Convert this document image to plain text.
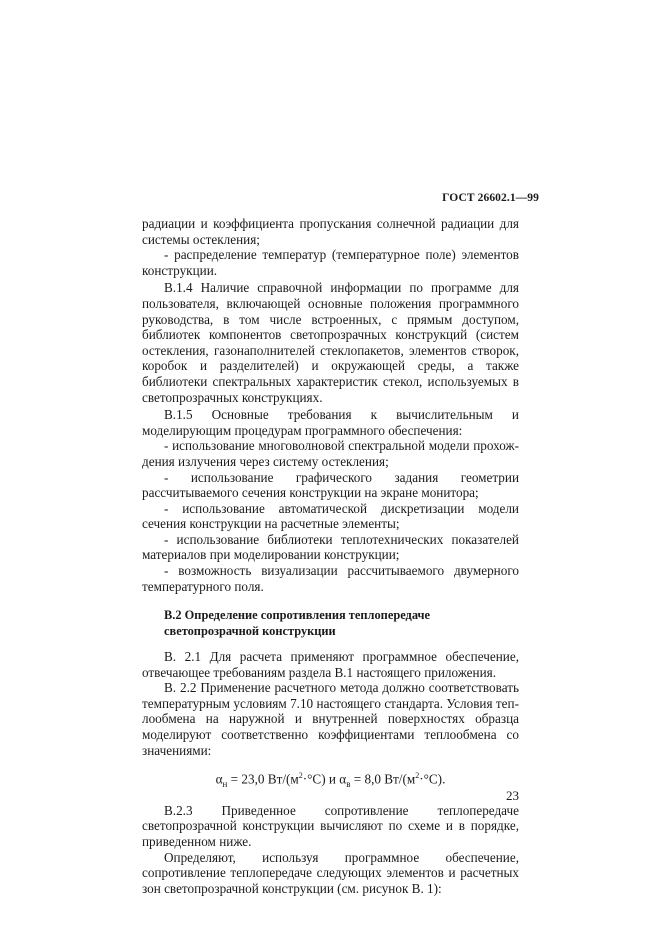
ГОСТ 26602.1—99

радиации и коэффициента пропускания солнечной радиации для системы остекления;

- распределение температур (температурное поле) элементов конструкции.

В.1.4 Наличие справочной информации по программе для пользователя, включающей основные положения программного руководства, в том числе встроенных, с прямым доступом, библиотек компонентов светопрозрачных конструкций (систем остекления, газонаполнителей стеклопакетов, элементов створок, коробок и разделителей) и окружающей среды, а также библиотеки спектральных характеристик стекол, используемых в светопрозрачных конструкциях.

В.1.5 Основные требования к вычислительным и моделирующим процедурам программного обеспечения:

- использование многоволновой спектральной модели прохождения излучения через систему остекления;

- использование графического задания геометрии рассчитываемого сечения конструкции на экране монитора;

- использование автоматической дискретизации модели сечения конструкции на расчетные элементы;

- использование библиотеки теплотехнических показателей материалов при моделировании конструкции;

- возможность визуализации рассчитываемого двумерного температурного поля.

В.2 Определение сопротивления теплопередаче светопрозрачной конструкции

В. 2.1 Для расчета применяют программное обеспечение, отвечающее требованиям раздела В.1 настоящего приложения.

В. 2.2 Применение расчетного метода должно соответствовать температурным условиям 7.10 настоящего стандарта. Условия теплообмена на наружной и внутренней поверхностях образца моделируют соответственно коэффициентами теплообмена со значениями:

$\alpha_н = 23,0$ $Вт/(м^2\cdot^\circ С)$ и $\alpha_в = 8,0$ $Вт/(м^2\cdot^\circ С)$.

В.2.3 Приведенное сопротивление теплопередаче светопрозрачной конструкции вычисляют по схеме и в порядке, приведенном ниже.

Определяют, используя программное обеспечение, сопротивление теплопередаче следующих элементов и расчетных зон светопрозрачной конструкции (см. рисунок В. 1):

23
